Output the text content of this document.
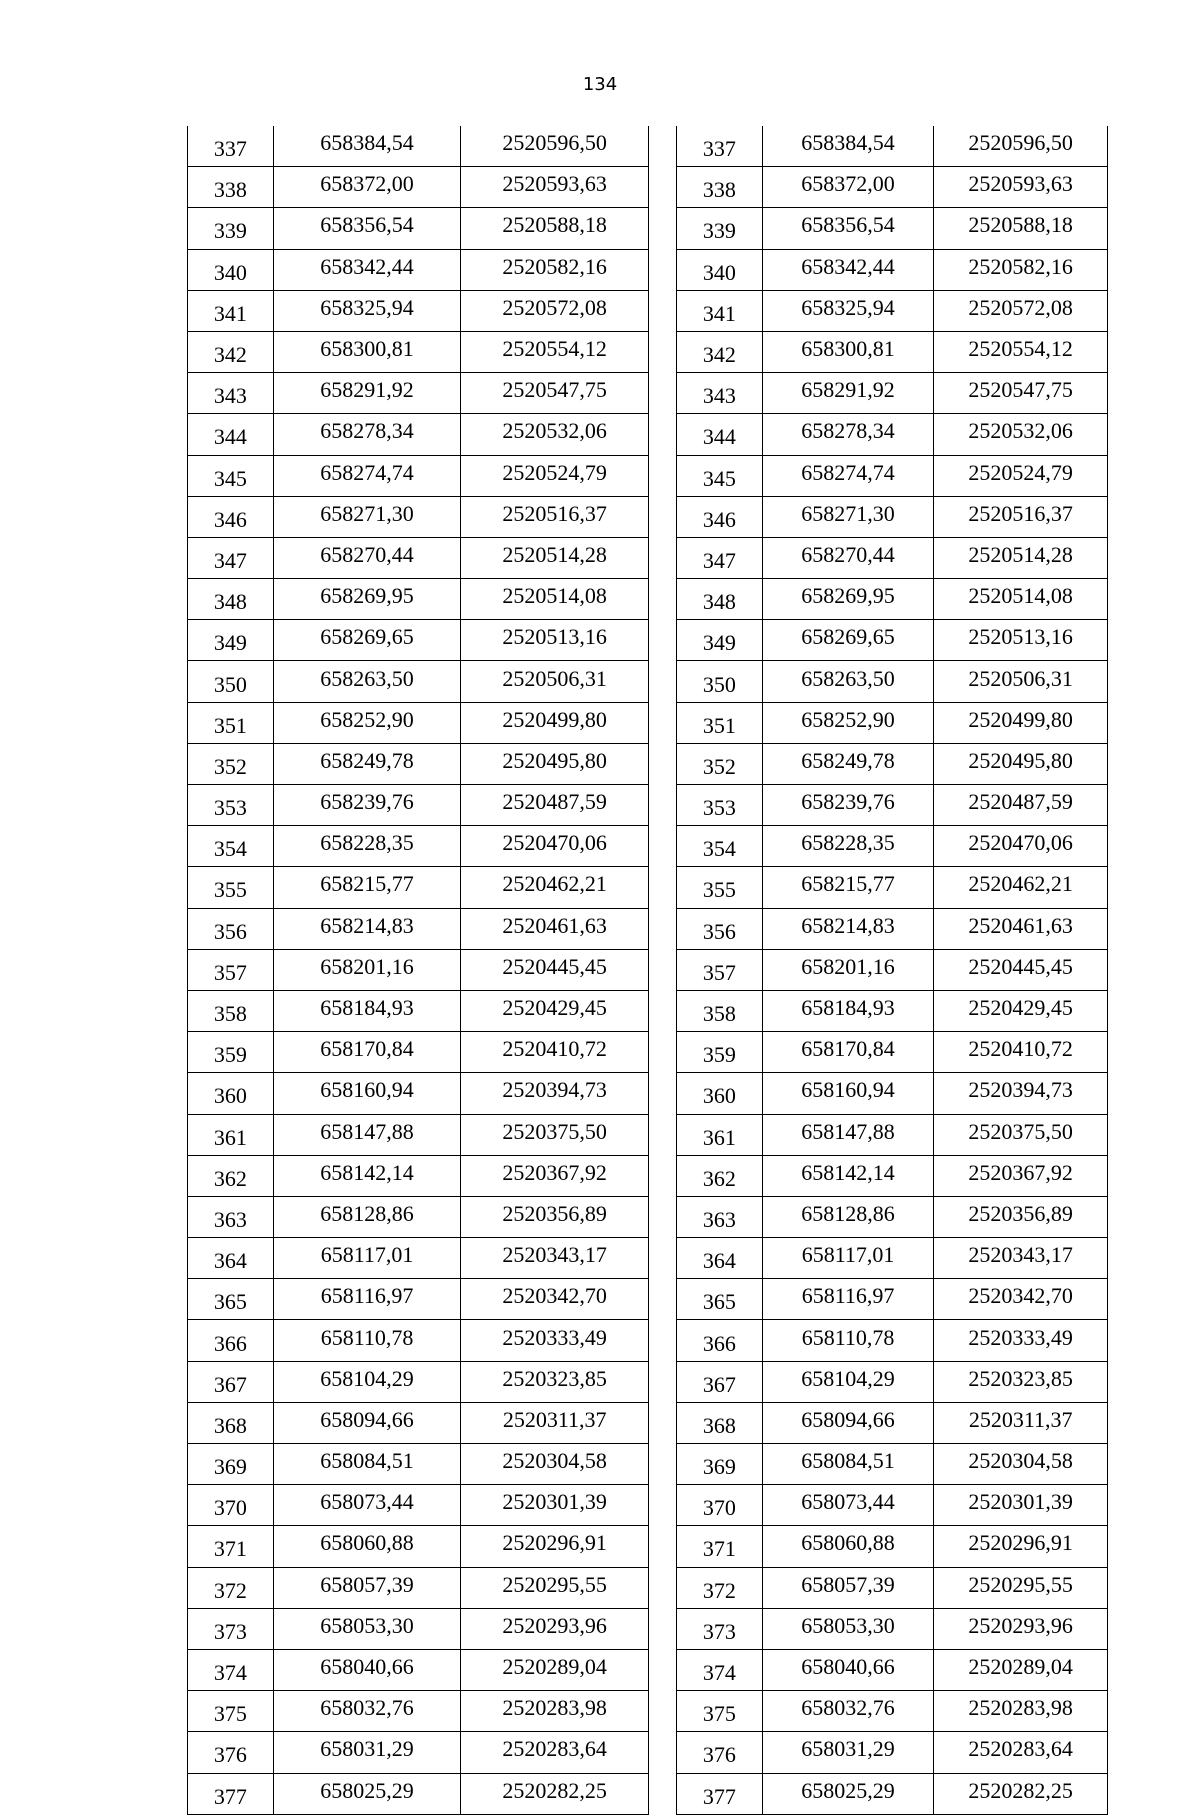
134
337	658384,54	2520596,50
338	658372,00	2520593,63
339	658356,54	2520588,18
340	658342,44	2520582,16
341	658325,94	2520572,08
342	658300,81	2520554,12
343	658291,92	2520547,75
344	658278,34	2520532,06
345	658274,74	2520524,79
346	658271,30	2520516,37
347	658270,44	2520514,28
348	658269,95	2520514,08
349	658269,65	2520513,16
350	658263,50	2520506,31
351	658252,90	2520499,80
352	658249,78	2520495,80
353	658239,76	2520487,59
354	658228,35	2520470,06
355	658215,77	2520462,21
356	658214,83	2520461,63
357	658201,16	2520445,45
358	658184,93	2520429,45
359	658170,84	2520410,72
360	658160,94	2520394,73
361	658147,88	2520375,50
362	658142,14	2520367,92
363	658128,86	2520356,89
364	658117,01	2520343,17
365	658116,97	2520342,70
366	658110,78	2520333,49
367	658104,29	2520323,85
368	658094,66	2520311,37
369	658084,51	2520304,58
370	658073,44	2520301,39
371	658060,88	2520296,91
372	658057,39	2520295,55
373	658053,30	2520293,96
374	658040,66	2520289,04
375	658032,76	2520283,98
376	658031,29	2520283,64
377	658025,29	2520282,25
337	658384,54	2520596,50
338	658372,00	2520593,63
339	658356,54	2520588,18
340	658342,44	2520582,16
341	658325,94	2520572,08
342	658300,81	2520554,12
343	658291,92	2520547,75
344	658278,34	2520532,06
345	658274,74	2520524,79
346	658271,30	2520516,37
347	658270,44	2520514,28
348	658269,95	2520514,08
349	658269,65	2520513,16
350	658263,50	2520506,31
351	658252,90	2520499,80
352	658249,78	2520495,80
353	658239,76	2520487,59
354	658228,35	2520470,06
355	658215,77	2520462,21
356	658214,83	2520461,63
357	658201,16	2520445,45
358	658184,93	2520429,45
359	658170,84	2520410,72
360	658160,94	2520394,73
361	658147,88	2520375,50
362	658142,14	2520367,92
363	658128,86	2520356,89
364	658117,01	2520343,17
365	658116,97	2520342,70
366	658110,78	2520333,49
367	658104,29	2520323,85
368	658094,66	2520311,37
369	658084,51	2520304,58
370	658073,44	2520301,39
371	658060,88	2520296,91
372	658057,39	2520295,55
373	658053,30	2520293,96
374	658040,66	2520289,04
375	658032,76	2520283,98
376	658031,29	2520283,64
377	658025,29	2520282,25
